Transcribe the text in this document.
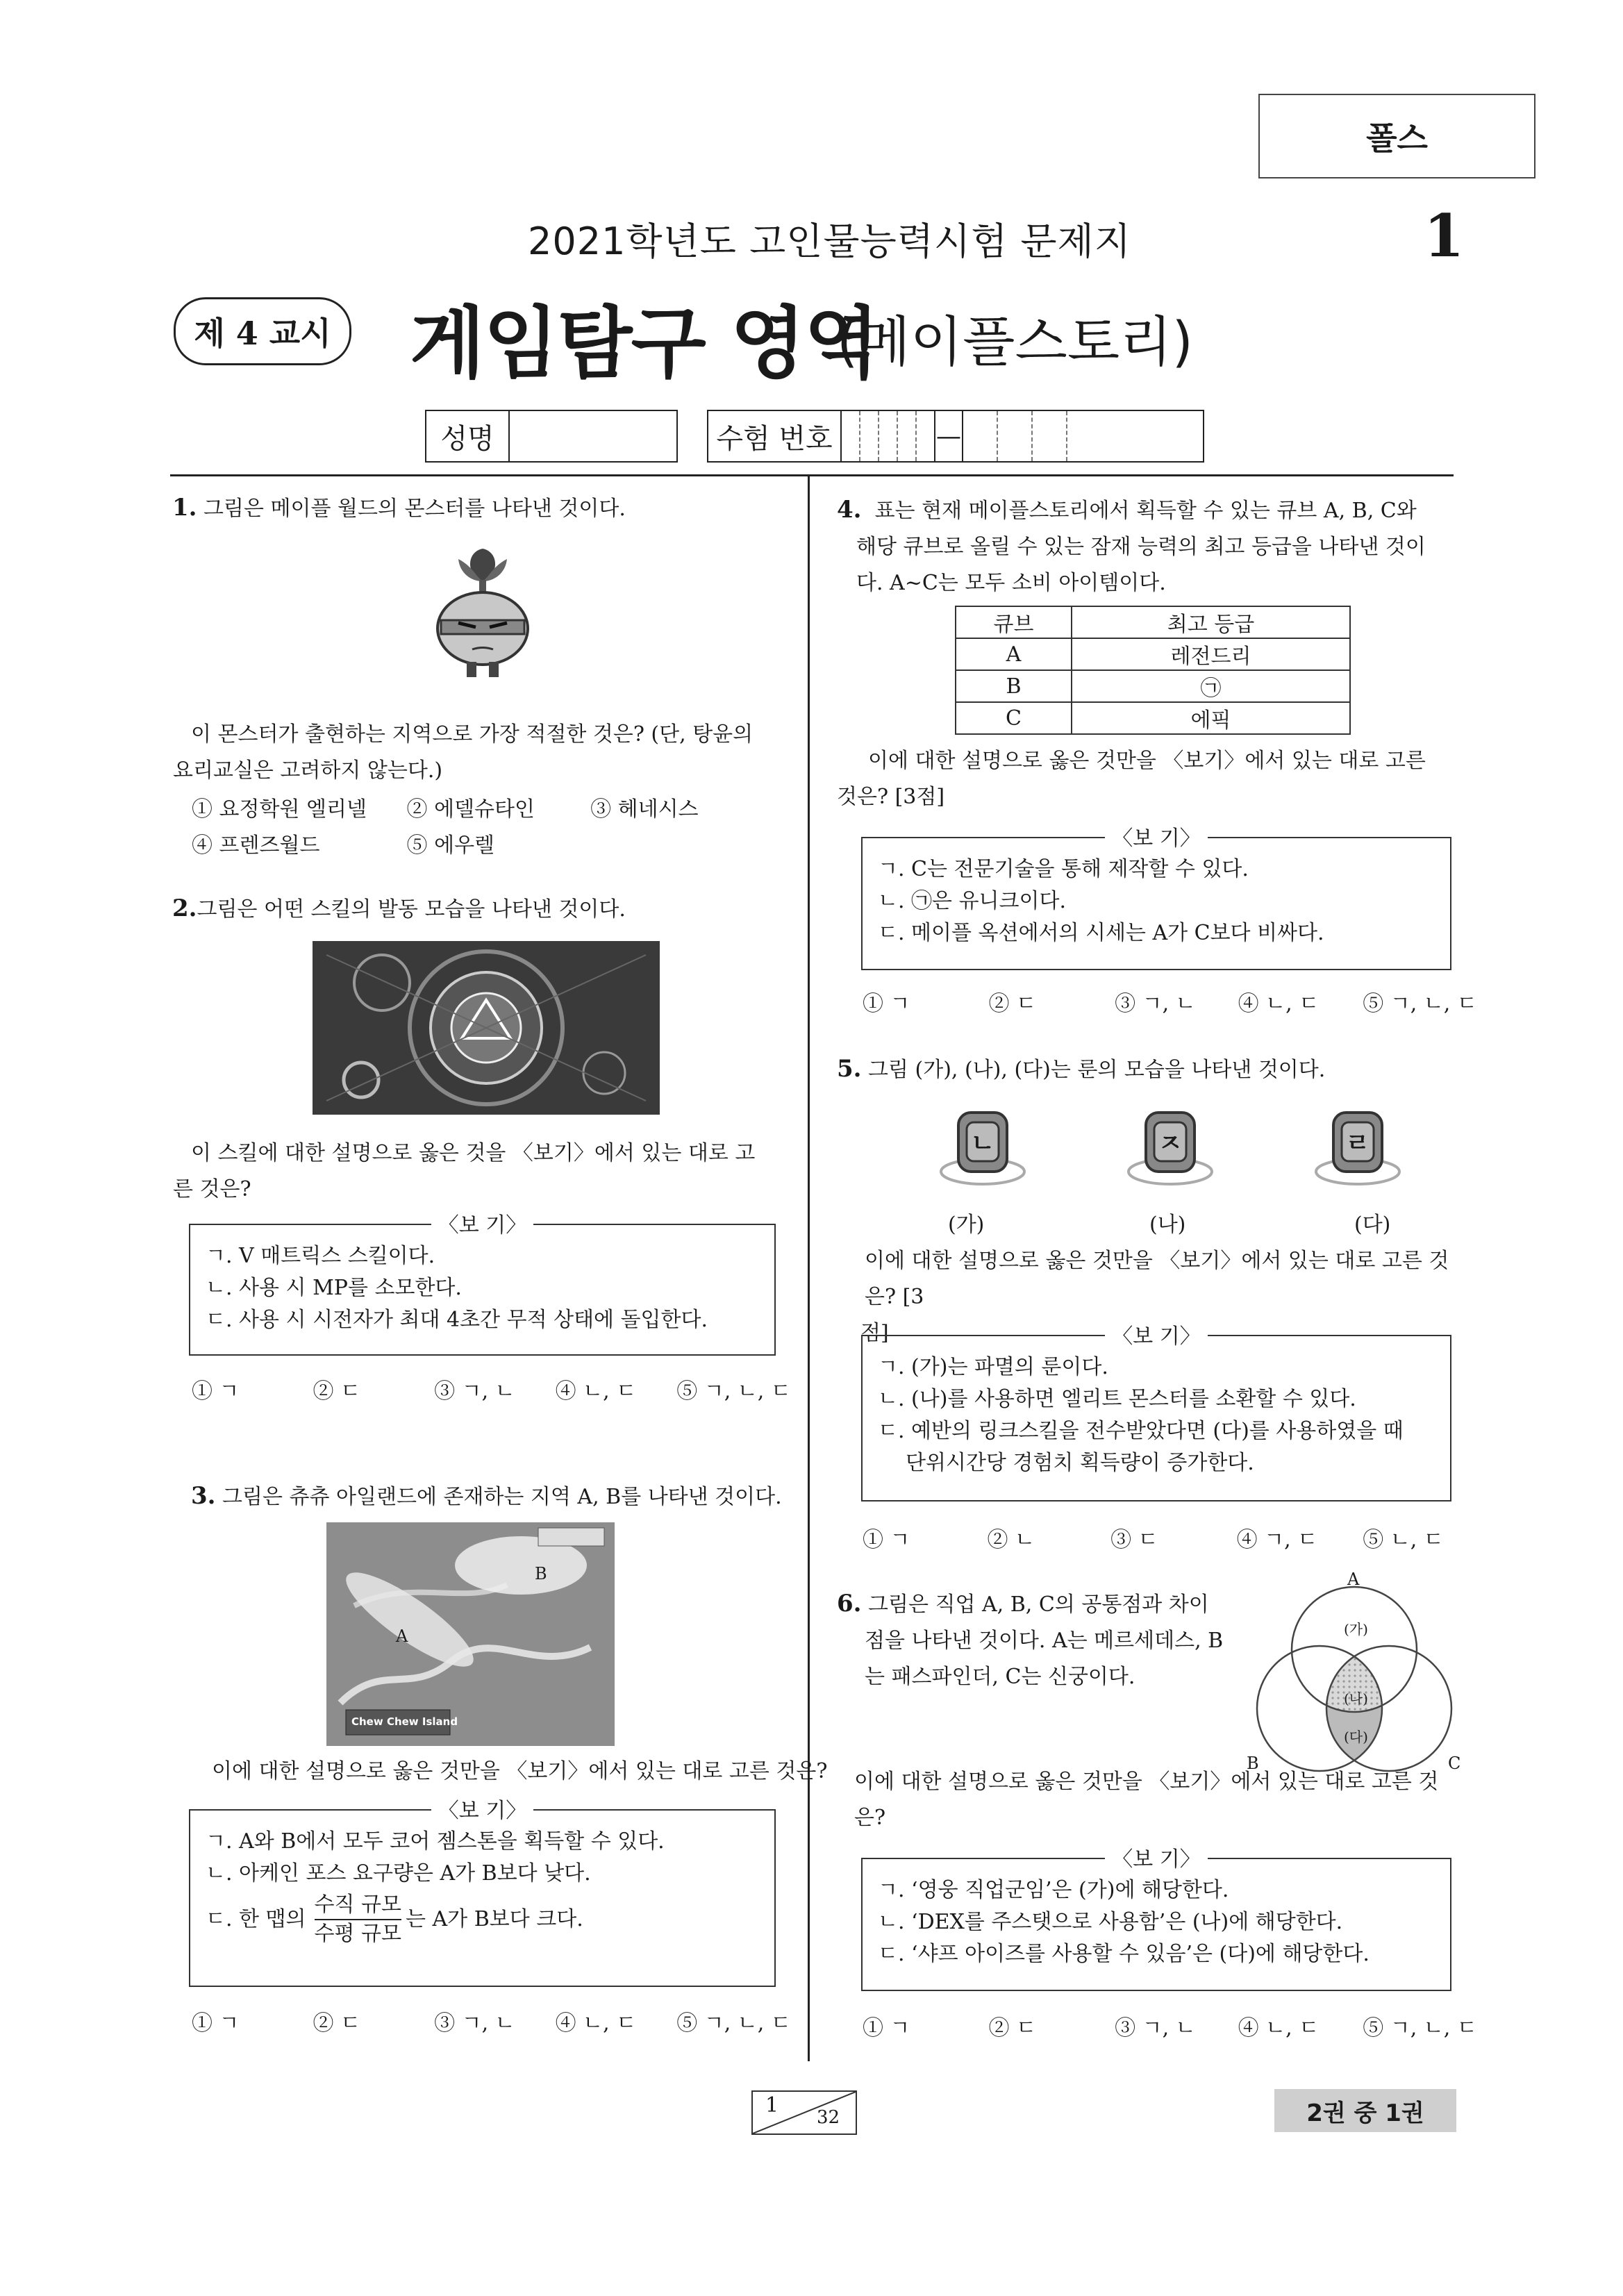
폴스
2021학년도 고인물능력시험 문제지	1
제 4 교시 게임탐구 영역
(메이플스토리)
성명	수험 번호	—
1. 그림은 메이플 월드의 몬스터를 나타낸 것이다.
이 몬스터가 출현하는 지역으로 가장 적절한 것은? (단, 탕윤의
요리교실은 고려하지 않는다.)
① 요정학원 엘리넬 ② 에델슈타인	③ 헤네시스
④ 프렌즈월드	⑤ 에우렐
2.그림은 어떤 스킬의 발동 모습을 나타낸 것이다.
이 스킬에 대한 설명으로 옳은 것을 〈보기〉에서 있는 대로 고
른 것은?
〈보 기〉
ㄱ. V 매트릭스 스킬이다.
ㄴ. 사용 시 MP를 소모한다.
ㄷ. 사용 시 시전자가 최대 4초간 무적 상태에 돌입한다.
① ㄱ	② ㄷ	③ ㄱ, ㄴ ④ ㄴ, ㄷ ⑤ ㄱ, ㄴ, ㄷ
3. 그림은 츄츄 아일랜드에 존재하는 지역 A, B를 나타낸 것이다.
A
B
Chew Chew Island
이에 대한 설명으로 옳은 것만을 〈보기〉에서 있는 대로 고른 것은?
〈보 기〉
ㄱ. A와 B에서 모두 코어 젬스톤을 획득할 수 있다.
ㄴ. 아케인 포스 요구량은 A가 B보다 낮다.
ㄷ. 한 맵의
수직 규모
수평 규모
는 A가 B보다 크다.
① ㄱ	② ㄷ	③ ㄱ, ㄴ ④ ㄴ, ㄷ ⑤ ㄱ, ㄴ, ㄷ
4. 표는 현재 메이플스토리에서 획득할 수 있는 큐브 A, B, C와
해당 큐브로 올릴 수 있는 잠재 능력의 최고 등급을 나타낸 것이
다. A~C는 모두 소비 아이템이다.
큐브	최고 등급
A	레전드리
B	㉠
C	에픽
이에 대한 설명으로 옳은 것만을 〈보기〉에서 있는 대로 고른
것은? [3점]
〈보 기〉
ㄱ. C는 전문기술을 통해 제작할 수 있다.
ㄴ. ㉠은 유니크이다.
ㄷ. 메이플 옥션에서의 시세는 A가 C보다 비싸다.
① ㄱ	② ㄷ	③ ㄱ, ㄴ ④ ㄴ, ㄷ ⑤ ㄱ, ㄴ, ㄷ
5. 그림 (가), (나), (다)는 룬의 모습을 나타낸 것이다.
ㄴ	ㅈ	ㄹ
(가)	(나)	(다)
이에 대한 설명으로 옳은 것만을 〈보기〉에서 있는 대로 고른 것은? [3
점]	〈보 기〉
ㄱ. (가)는 파멸의 룬이다.
ㄴ. (나)를 사용하면 엘리트 몬스터를 소환할 수 있다.
ㄷ. 예반의 링크스킬을 전수받았다면 (다)를 사용하였을 때
단위시간당 경험치 획득량이 증가한다.
① ㄱ	② ㄴ	③ ㄷ	④ ㄱ, ㄷ ⑤ ㄴ, ㄷ
6. 그림은 직업 A, B, C의 공통점과 차이
점을 나타낸 것이다. A는 메르세데스, B
는 패스파인더, C는 신궁이다.
A
B	C
(가)
(나)
(다)
이에 대한 설명으로 옳은 것만을 〈보기〉에서 있는 대로 고른 것
은?
〈보 기〉
ㄱ. ‘영웅 직업군임’은 (가)에 해당한다.
ㄴ. ‘DEX를 주스탯으로 사용함’은 (나)에 해당한다.
ㄷ. ‘샤프 아이즈를 사용할 수 있음’은 (다)에 해당한다.
① ㄱ	② ㄷ	③ ㄱ, ㄴ ④ ㄴ, ㄷ ⑤ ㄱ, ㄴ, ㄷ
1 32	2권 중 1권
